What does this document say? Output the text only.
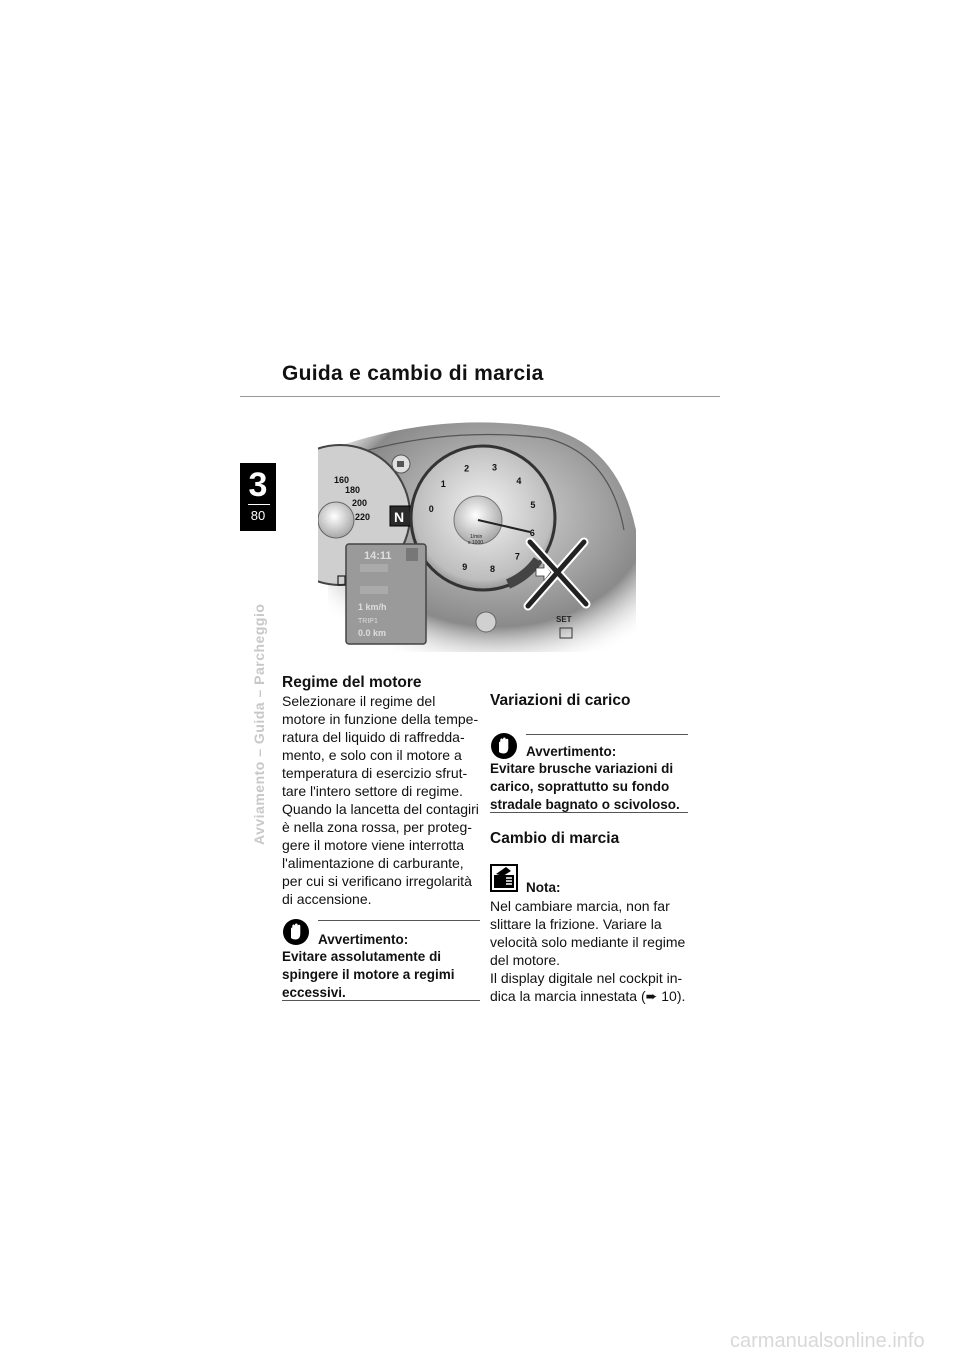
Guida e cambio di marcia
3
80
Avviamento – Guida – Parcheggio
160
180
200
220 N	0
1
2	3
4
5
6
7
8
9
1/min
x 1000
14:11
1 km/h
TRIP1
0.0 km
SET
Regime del motore
Selezionare il regime del
motore in funzione della tempe-
ratura del liquido di raffredda-
mento, e solo con il motore a
temperatura di esercizio sfrut-
tare l'intero settore di regime.
Quando la lancetta del contagiri
è nella zona rossa, per proteg-
gere il motore viene interrotta
l'alimentazione di carburante,
per cui si verificano irregolarità
di accensione.
Avvertimento:
Evitare assolutamente di
spingere il motore a regimi
eccessivi.
Variazioni di carico
Avvertimento:
Evitare brusche variazioni di
carico, soprattutto su fondo
stradale bagnato o scivoloso.
Cambio di marcia
Nota:
Nel cambiare marcia, non far
slittare la frizione. Variare la
velocità solo mediante il regime
del motore.
Il display digitale nel cockpit in-
dica la marcia innestata (➨ 10).
carmanualsonline.info
